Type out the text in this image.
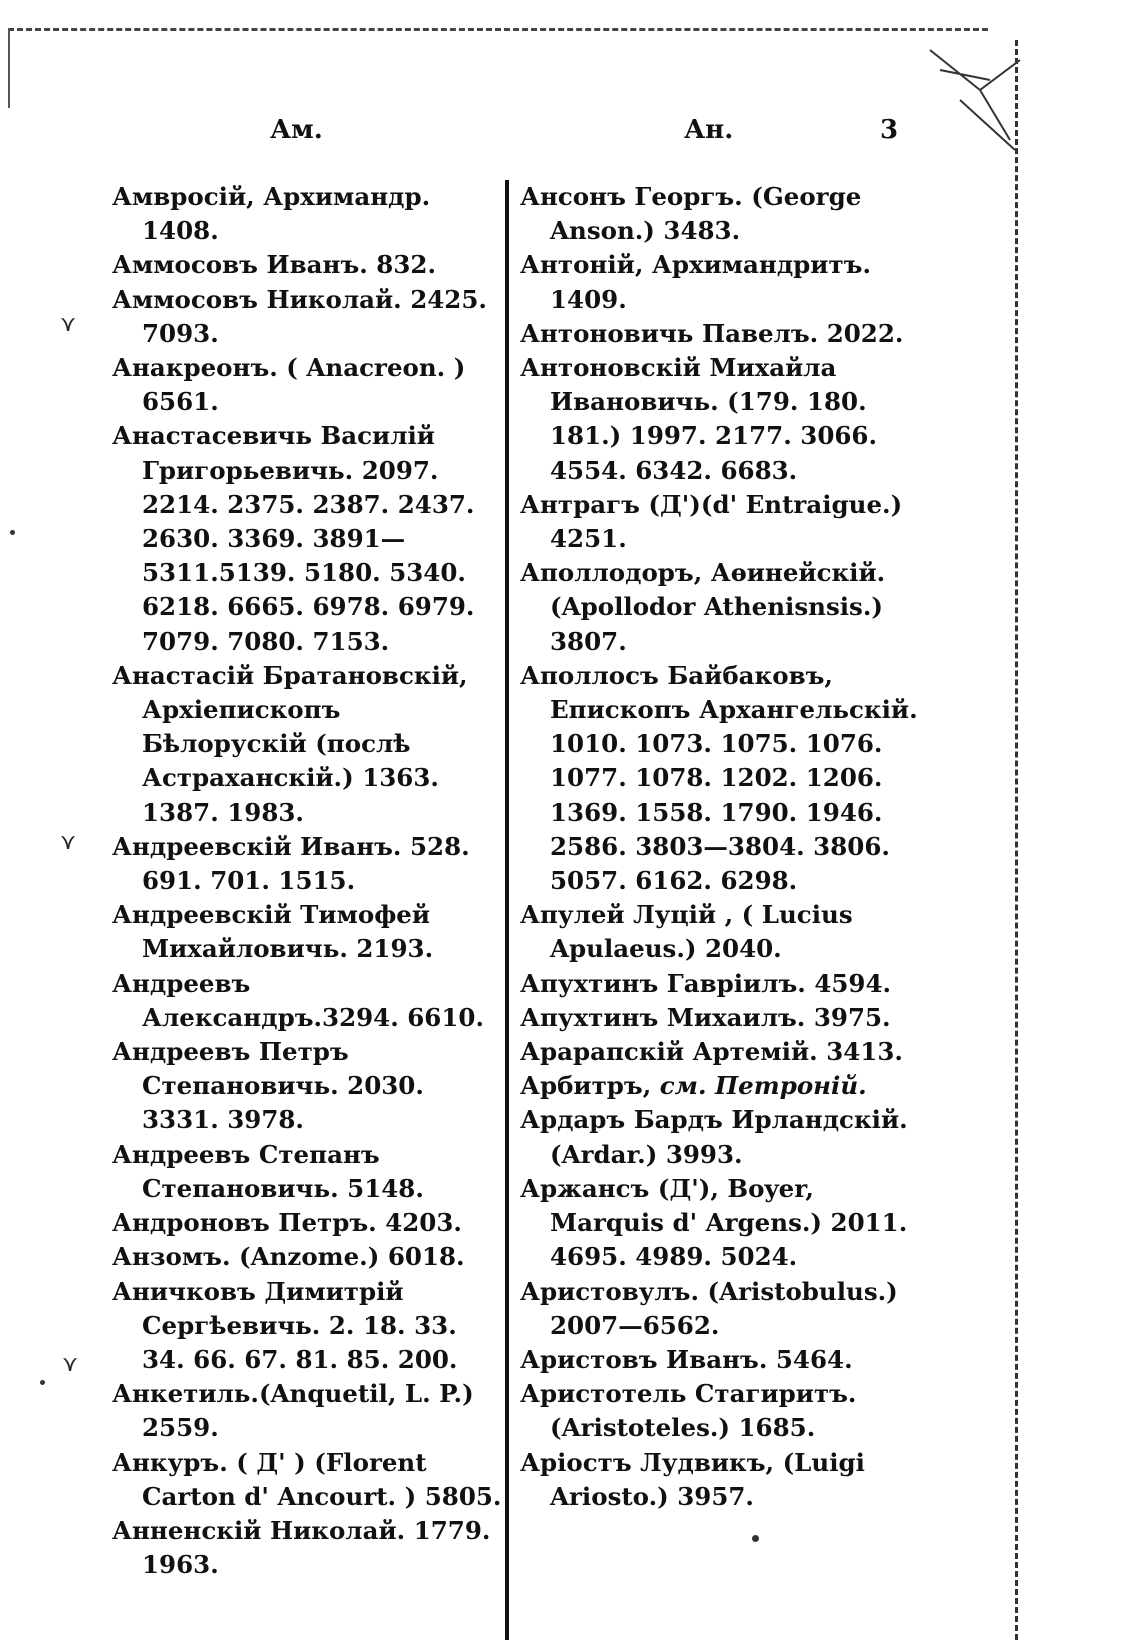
Ам.	Ан.	3

Амвросій, Архимандр. 1408.

Аммосовъ Иванъ. 832.

Аммосовъ Николай. 2425. 7093.

Анакреонъ. ( Anacreon. ) 6561.

Анастасевичь Василій Григорьевичь. 2097. 2214. 2375. 2387. 2437. 2630. 3369. 3891—5311.5139. 5180. 5340. 6218. 6665. 6978. 6979. 7079. 7080. 7153.

Анастасій Братановскій, Архіепископъ Бѣлорускій (послѣ Астраханскій.) 1363. 1387. 1983.

Андреевскій Иванъ. 528. 691. 701. 1515.

Андреевскій Тимофей Михайловичь. 2193.

Андреевъ Александръ.3294. 6610.

Андреевъ Петръ Степановичь. 2030. 3331. 3978.

Андреевъ Степанъ Степановичь. 5148.

Андроновъ Петръ. 4203.

Анзомъ. (Anzome.) 6018.

Аничковъ Димитрій Сергѣевичь. 2. 18. 33. 34. 66. 67. 81. 85. 200.

Анкетиль.(Anquetil, L. P.) 2559.

Анкуръ. ( Д' ) (Florent Carton d' Ancourt. ) 5805.

Анненскій Николай. 1779. 1963.

Ансонъ Георгъ. (George Anson.) 3483.

Антоній, Архимандритъ. 1409.

Антоновичь Павелъ. 2022.

Антоновскій Михайла Ивановичь. (179. 180. 181.) 1997. 2177. 3066. 4554. 6342. 6683.

Антрагъ (Д')(d' Entraigue.) 4251.

Аполлодоръ, Аѳинейскій. (Apollodor Athenisnsis.) 3807.

Аполлосъ Байбаковъ, Епископъ Архангельскій. 1010. 1073. 1075. 1076. 1077. 1078. 1202. 1206. 1369. 1558. 1790. 1946. 2586. 3803—3804. 3806. 5057. 6162. 6298.

Апулей Луцій , ( Lucius Apulaeus.) 2040.

Апухтинъ Гаврiилъ. 4594.

Апухтинъ Михаилъ. 3975.

Арарапскій Артемій. 3413.

Арбитръ, см. Петроній.

Ардаръ Бардъ Ирландскій. (Ardar.) 3993.

Аржансъ (Д'), Boyer, Marquis d' Argens.) 2011. 4695. 4989. 5024.

Аристовулъ. (Aristobulus.) 2007—6562.

Аристовъ Иванъ. 5464.

Аристотель Стагиритъ. (Aristoteles.) 1685.

Аріостъ Лудвикъ, (Luigi Ariosto.) 3957.

⋎
⋎
⋎
